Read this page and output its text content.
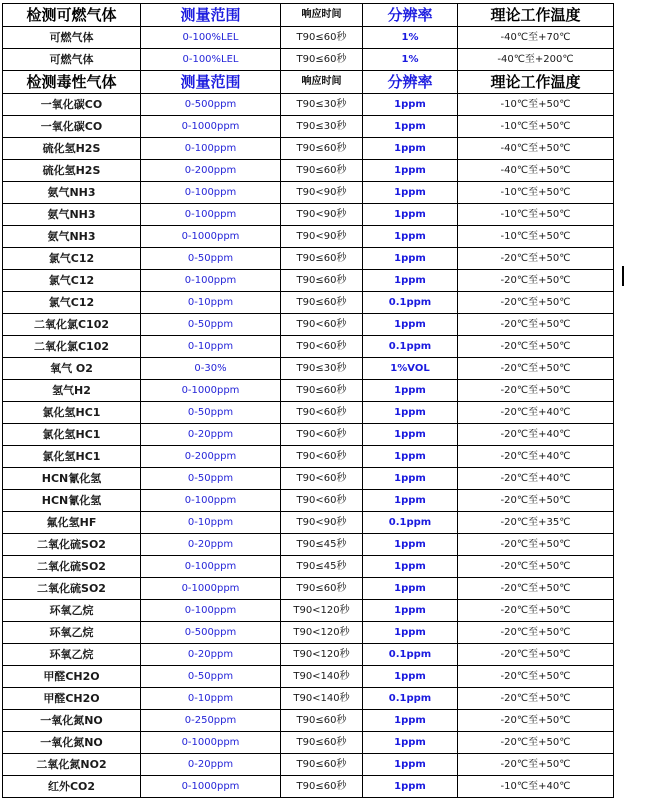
检测可燃气体	测量范围	响应时间	分辨率	理论工作温度
可燃气体	0-100%LEL	T90≤60秒	1%	-40℃至+70℃
可燃气体	0-100%LEL	T90≤60秒	1%	-40℃至+200℃
检测毒性气体	测量范围	响应时间	分辨率	理论工作温度
一氧化碳CO	0-500ppm	T90≤30秒	1ppm	-10℃至+50℃
一氧化碳CO	0-1000ppm	T90≤30秒	1ppm	-10℃至+50℃
硫化氢H2S	0-100ppm	T90≤60秒	1ppm	-40℃至+50℃
硫化氢H2S	0-200ppm	T90≤60秒	1ppm	-40℃至+50℃
氨气NH3	0-100ppm	T90<90秒	1ppm	-10℃至+50℃
氨气NH3	0-100ppm	T90<90秒	1ppm	-10℃至+50℃
氨气NH3	0-1000ppm	T90<90秒	1ppm	-10℃至+50℃
氯气C12	0-50ppm	T90≤60秒	1ppm	-20℃至+50℃
氯气C12	0-100ppm	T90≤60秒	1ppm	-20℃至+50℃
氯气C12	0-10ppm	T90≤60秒	0.1ppm	-20℃至+50℃
二氧化氯C102	0-50ppm	T90<60秒	1ppm	-20℃至+50℃
二氧化氯C102	0-10ppm	T90<60秒	0.1ppm	-20℃至+50℃
氧气 O2	0-30%	T90≤30秒	1%VOL	-20℃至+50℃
氢气H2	0-1000ppm	T90≤60秒	1ppm	-20℃至+50℃
氯化氢HC1	0-50ppm	T90<60秒	1ppm	-20℃至+40℃
氯化氢HC1	0-20ppm	T90<60秒	1ppm	-20℃至+40℃
氯化氢HC1	0-200ppm	T90<60秒	1ppm	-20℃至+40℃
HCN氰化氢	0-50ppm	T90<60秒	1ppm	-20℃至+40℃
HCN氰化氢	0-100ppm	T90<60秒	1ppm	-20℃至+50℃
氟化氢HF	0-10ppm	T90<90秒	0.1ppm	-20℃至+35℃
二氧化硫SO2	0-20ppm	T90≤45秒	1ppm	-20℃至+50℃
二氧化硫SO2	0-100ppm	T90≤45秒	1ppm	-20℃至+50℃
二氧化硫SO2	0-1000ppm	T90≤60秒	1ppm	-20℃至+50℃
环氧乙烷	0-100ppm	T90<120秒	1ppm	-20℃至+50℃
环氧乙烷	0-500ppm	T90<120秒	1ppm	-20℃至+50℃
环氧乙烷	0-20ppm	T90<120秒	0.1ppm	-20℃至+50℃
甲醛CH2O	0-50ppm	T90<140秒	1ppm	-20℃至+50℃
甲醛CH2O	0-10ppm	T90<140秒	0.1ppm	-20℃至+50℃
一氧化氮NO	0-250ppm	T90≤60秒	1ppm	-20℃至+50℃
一氧化氮NO	0-1000ppm	T90≤60秒	1ppm	-20℃至+50℃
二氧化氮NO2	0-20ppm	T90≤60秒	1ppm	-20℃至+50℃
红外CO2	0-1000ppm	T90≤60秒	1ppm	-10℃至+40℃
